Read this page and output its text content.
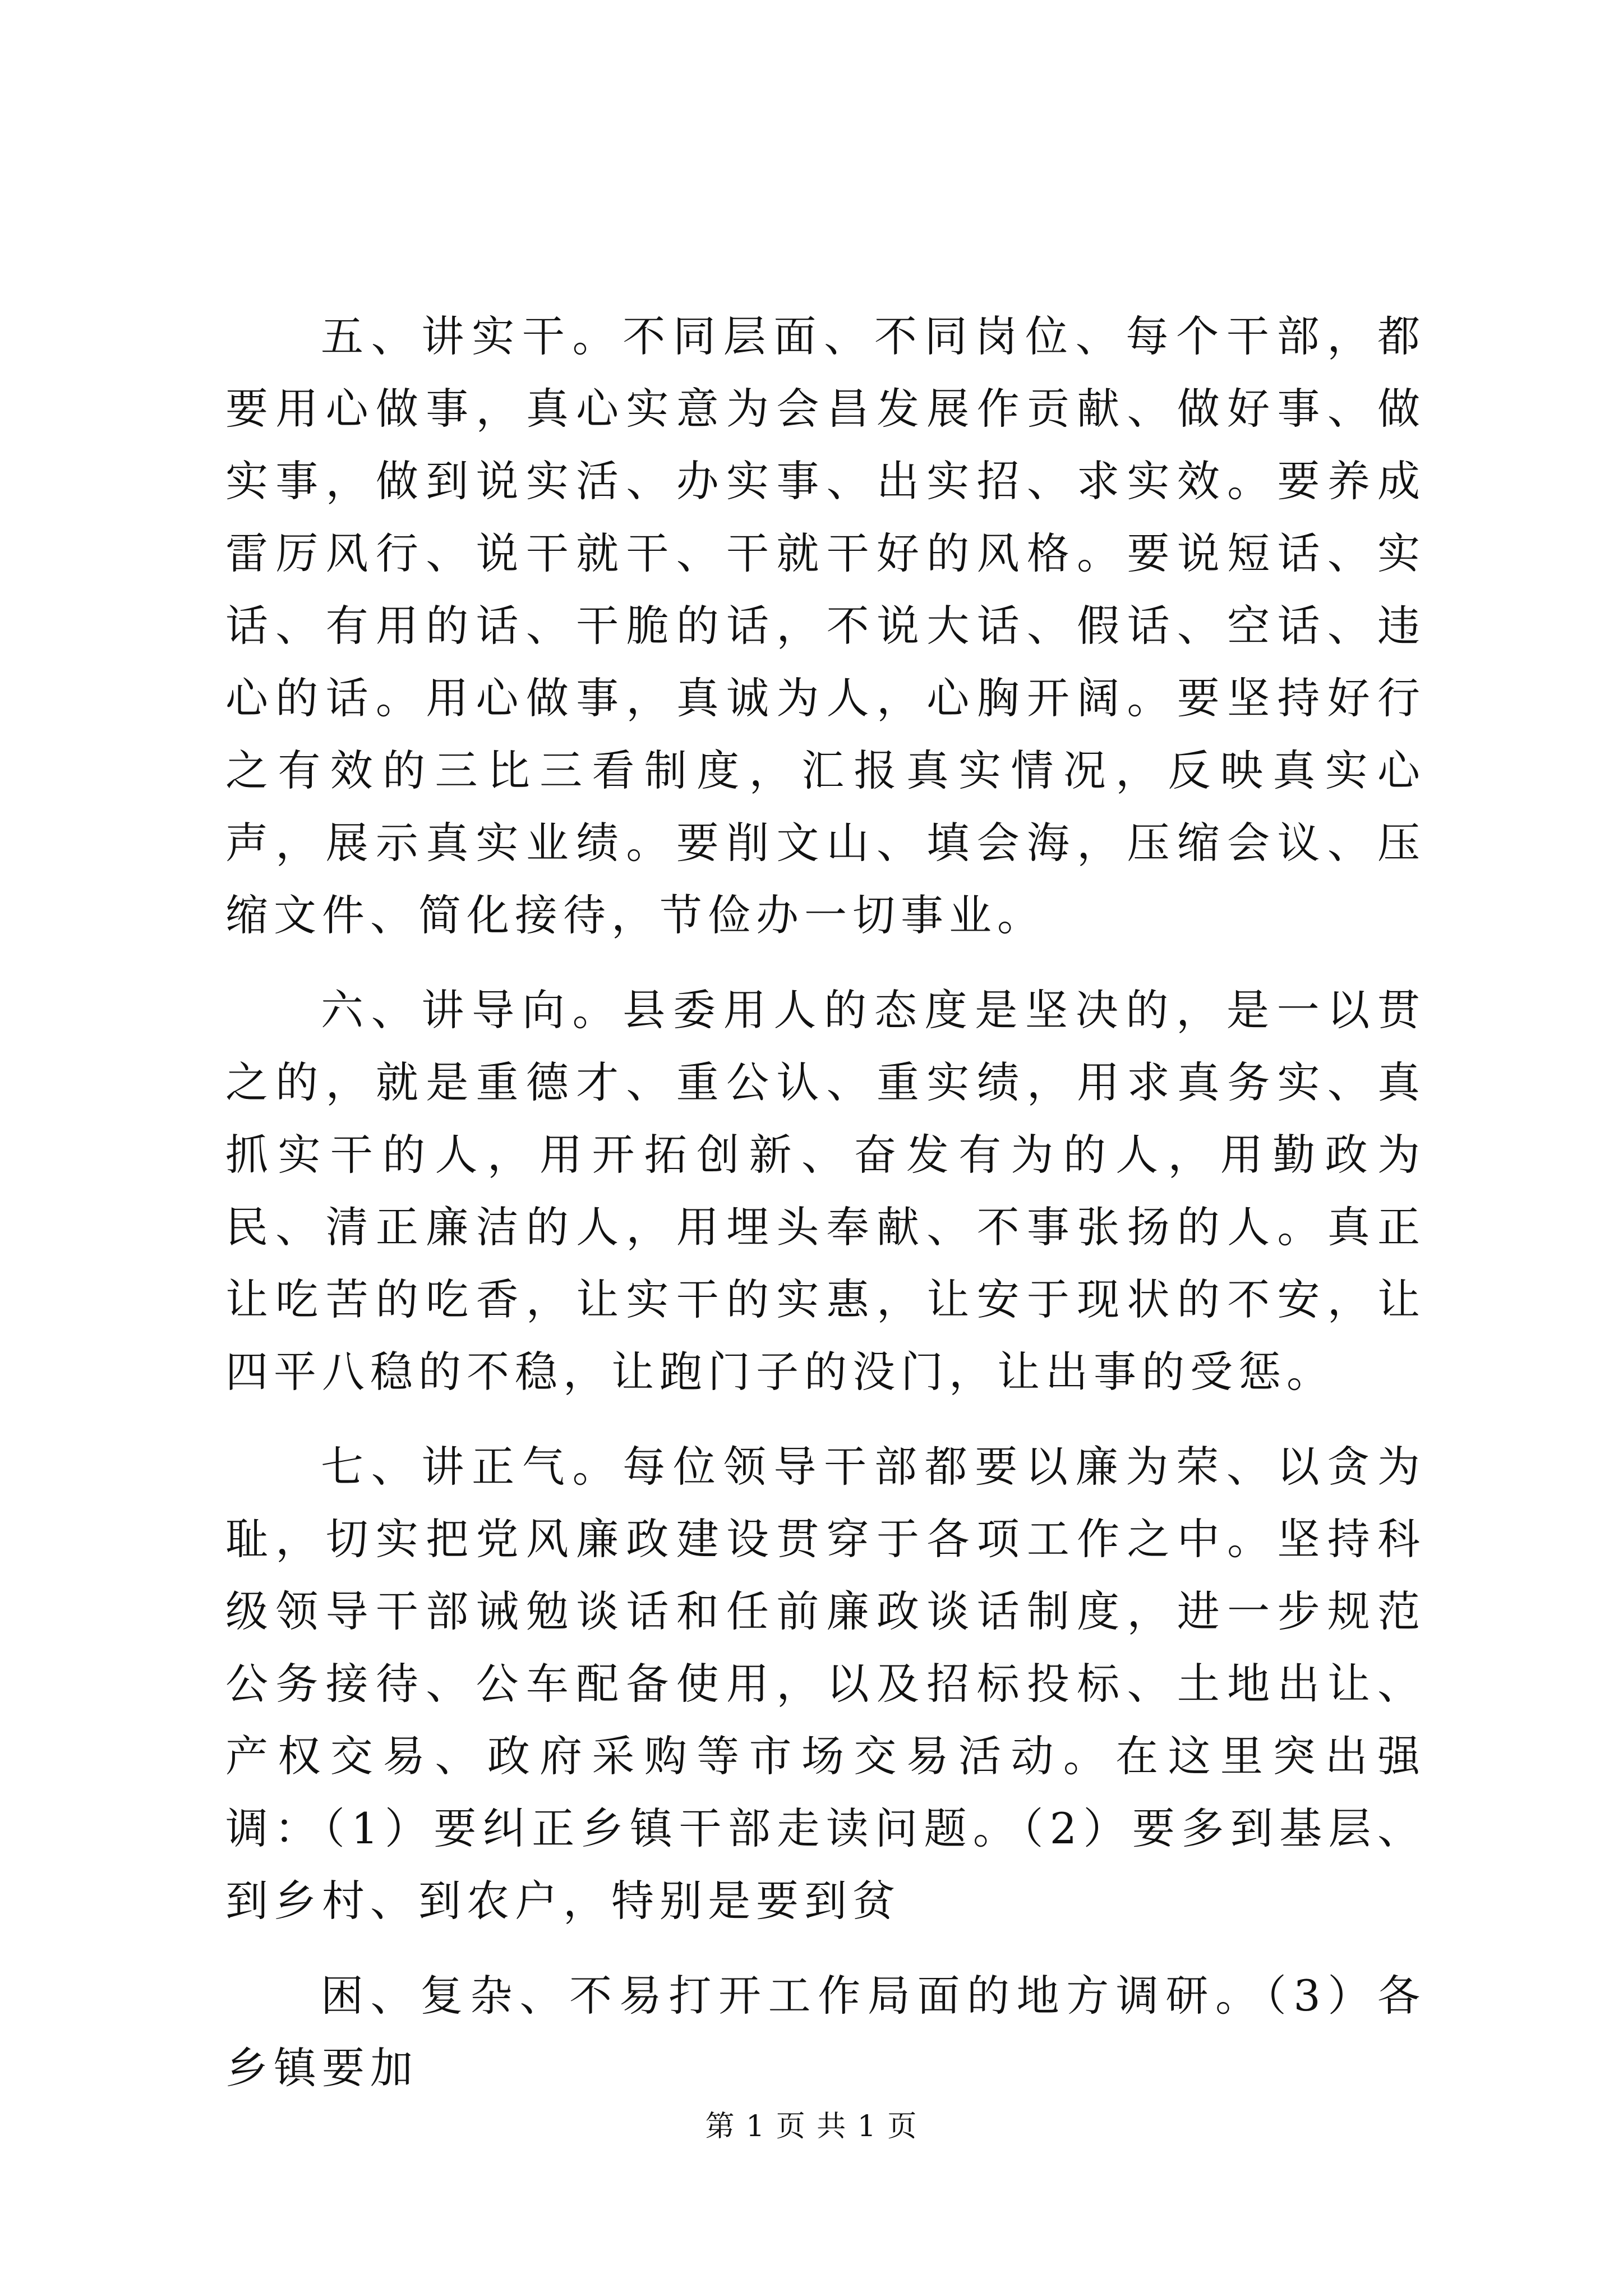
五、讲实干。不同层面、不同岗位、每个干部，都要用心做事，真心实意为会昌发展作贡献、做好事、做实事，做到说实活、办实事、出实招、求实效。要养成雷厉风行、说干就干、干就干好的风格。要说短话、实话、有用的话、干脆的话，不说大话、假话、空话、违心的话。用心做事，真诚为人，心胸开阔。要坚持好行之有效的三比三看制度，汇报真实情况，反映真实心声，展示真实业绩。要削文山、填会海，压缩会议、压缩文件、简化接待，节俭办一切事业。

六、讲导向。县委用人的态度是坚决的，是一以贯之的，就是重德才、重公认、重实绩，用求真务实、真抓实干的人，用开拓创新、奋发有为的人，用勤政为民、清正廉洁的人，用埋头奉献、不事张扬的人。真正让吃苦的吃香，让实干的实惠，让安于现状的不安，让四平八稳的不稳，让跑门子的没门，让出事的受惩。

七、讲正气。每位领导干部都要以廉为荣、以贪为耻，切实把党风廉政建设贯穿于各项工作之中。坚持科级领导干部诫勉谈话和任前廉政谈话制度，进一步规范公务接待、公车配备使用，以及招标投标、土地出让、产权交易、政府采购等市场交易活动。在这里突出强调：（1）要纠正乡镇干部走读问题。（2）要多到基层、到乡村、到农户，特别是要到贫

困、复杂、不易打开工作局面的地方调研。（3）各乡镇要加

第 1 页 共 1 页
